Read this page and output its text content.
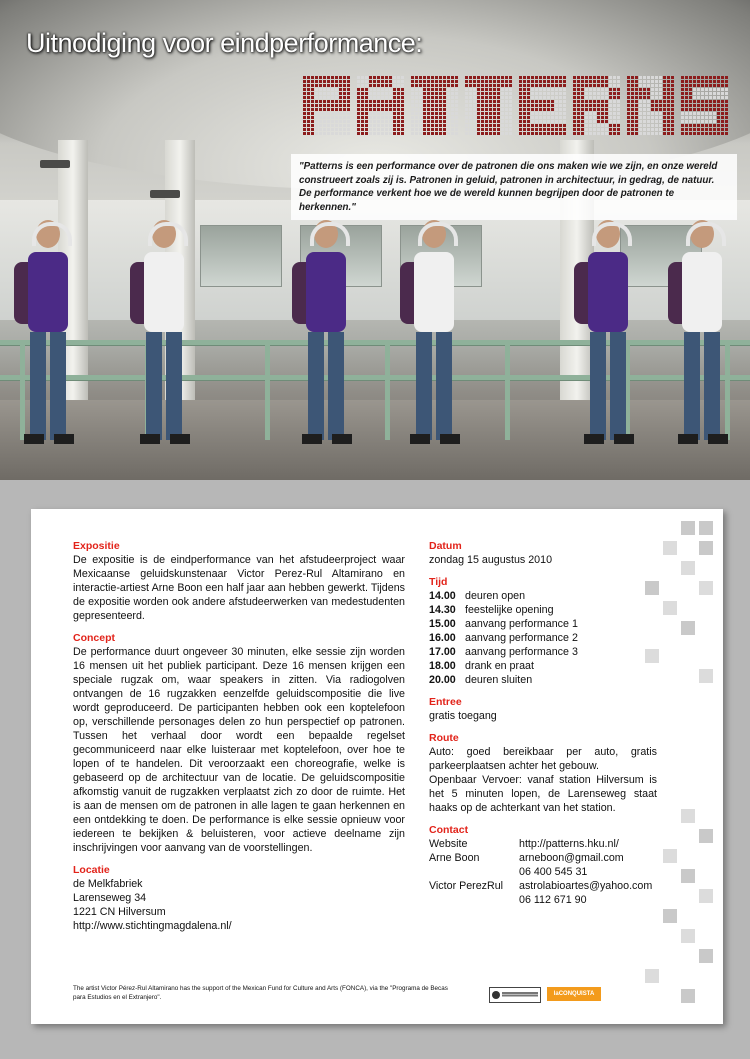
Uitnodiging voor eindperformance:

"Patterns is een performance over de patronen die ons maken wie we zijn, en onze wereld construeert zoals zij is. Patronen in geluid, patronen in architectuur, in gedrag, de natuur. De performance verkent hoe we de wereld kunnen begrijpen door de patronen te herkennen."

Expositie

De expositie is de eindperformance van het afstudeerproject waar Mexicaanse geluidskunstenaar Victor Perez-Rul Altamirano en interactie-artiest Arne Boon een half jaar aan hebben gewerkt. Tijdens de expositie worden ook andere afstudeerwerken van medestudenten gepresenteerd.

Concept

De performance duurt ongeveer 30 minuten, elke sessie zijn worden 16 mensen uit het publiek participant. Deze 16 mensen krijgen een speciale rugzak om, waar speakers in zitten. Via radiogolven ontvangen de 16 rugzakken eenzelfde geluidscompositie die live wordt geproduceerd. De participanten hebben ook een koptelefoon op, verschillende personages delen zo hun perspectief op patronen. Tussen het verhaal door wordt een bepaalde regelset gecommuniceerd naar elke luisteraar met koptelefoon, over hoe te lopen of te handelen. Dit veroorzaakt een choreografie, welke is gebaseerd op de architectuur van de locatie. De geluidscompositie afkomstig vanuit de rugzakken verplaatst zich zo door de ruimte. Het is aan de mensen om de patronen in alle lagen te gaan herkennen en een ontdekking te doen. De performance is elke sessie opnieuw voor iedereen te bekijken & beluisteren, voor actieve deelname zijn inschrijvingen voor aanvang van de voorstellingen.

Locatie

de Melkfabriek

Larenseweg 34

1221 CN Hilversum

http://www.stichtingmagdalena.nl/

Datum

zondag 15 augustus 2010

Tijd
14.00 deuren open
14.30 feestelijke opening
15.00 aanvang performance 1
16.00 aanvang performance 2
17.00 aanvang performance 3
18.00 drank en praat
20.00 deuren sluiten
Entree

gratis toegang

Route

Auto: goed bereikbaar per auto, gratis parkeerplaatsen achter het gebouw.

Openbaar Vervoer: vanaf station Hilversum is het 5 minuten lopen, de Larenseweg staat haaks op de achterkant van het station.

Contact
Website	http://patterns.hku.nl/
Arne Boon	arneboon@gmail.com
06 400 545 31
Victor PerezRul	astrolabioartes@yahoo.com
06 112 671 90

The artist Victor Pérez-Rul Altamirano has the support of the Mexican Fund for Culture and Arts (FONCA), via the "Programa de Becas para Estudios en el Extranjero".	laCONQUISTA
